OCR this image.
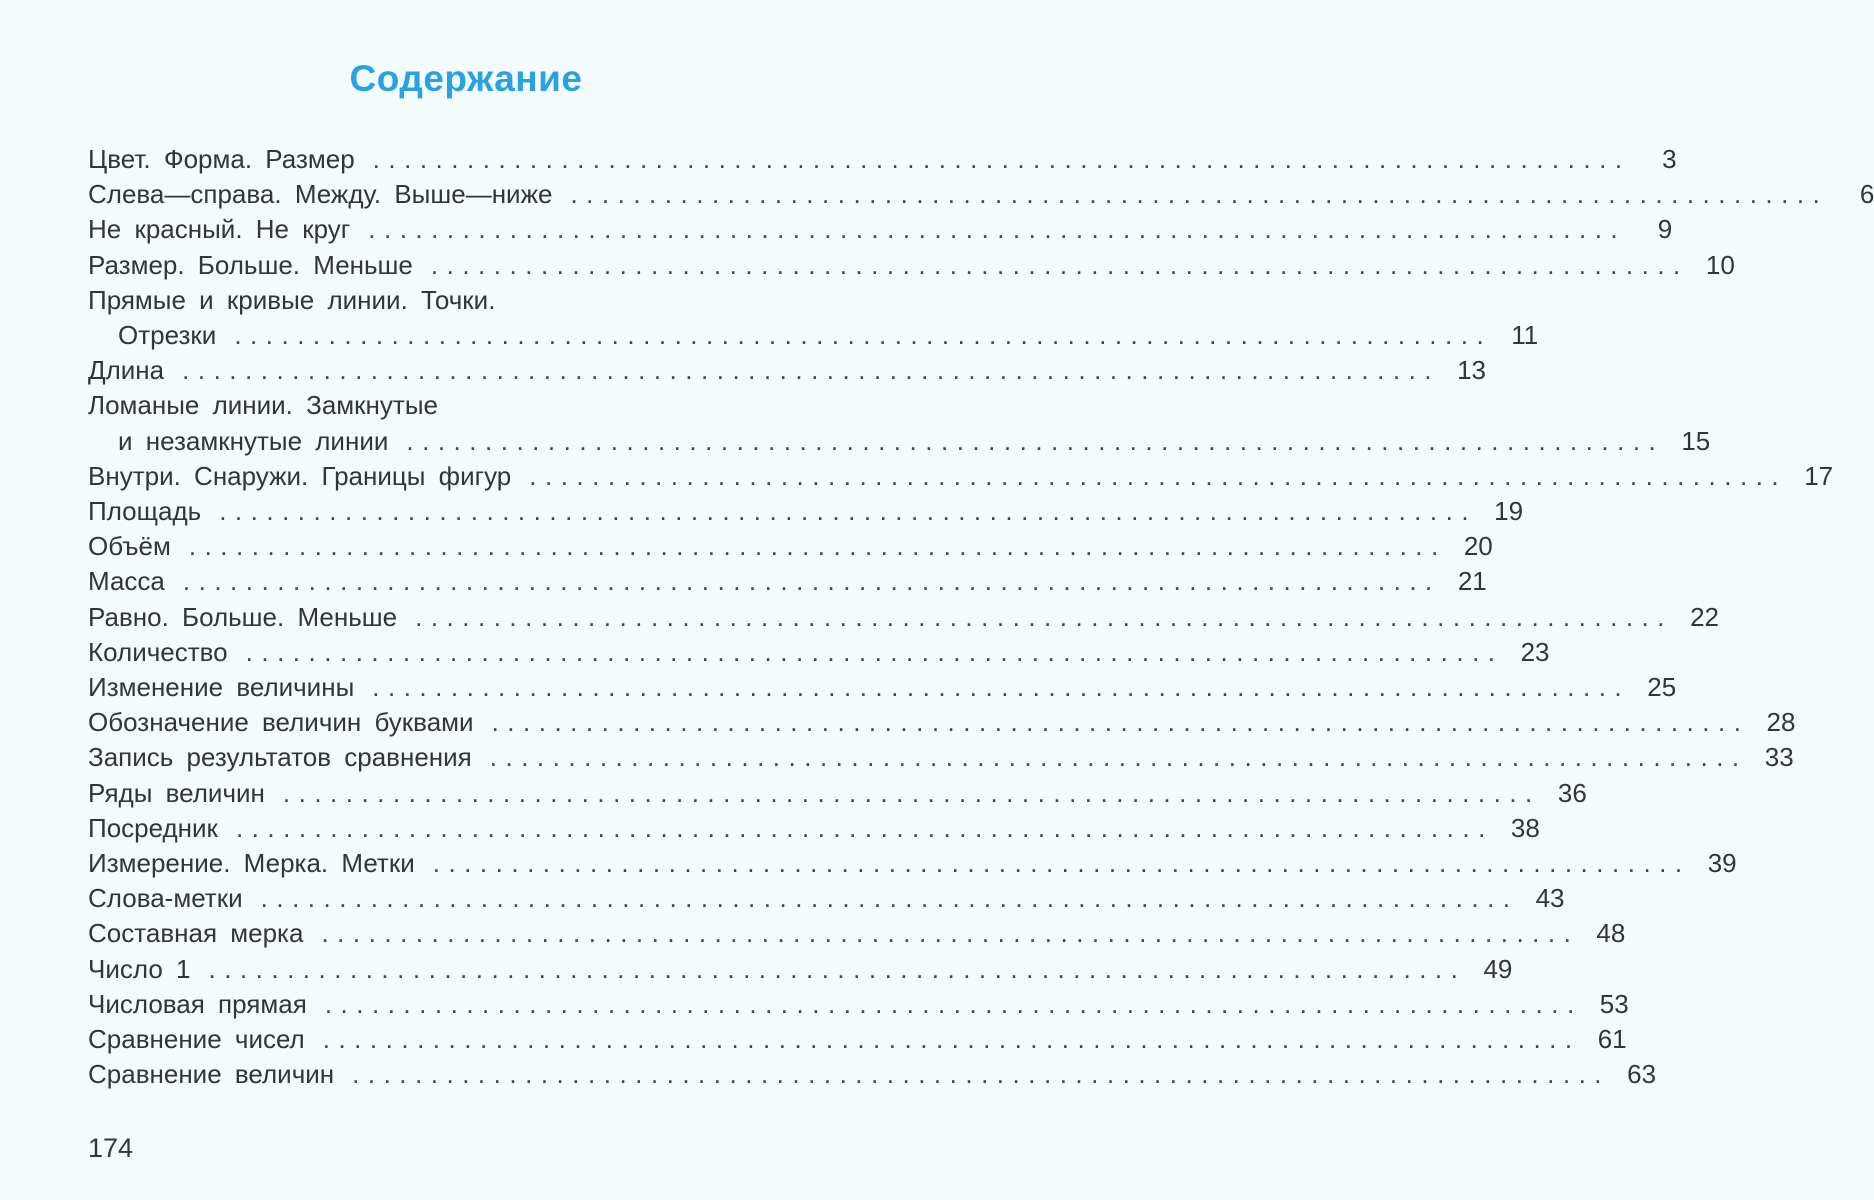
Содержание
Цвет. Форма. Размер ................................................................................	3
Слева—справа. Между. Выше—ниже ................................................................................	6
Не красный. Не круг ................................................................................	9
Размер. Больше. Меньше ................................................................................ 10
Прямые и кривые линии. Точки.
Отрезки ................................................................................ 11
Длина ................................................................................ 13
Ломаные линии. Замкнутые
и незамкнутые линии ................................................................................ 15
Внутри. Снаружи. Границы фигур ................................................................................ 17
Площадь ................................................................................ 19
Объём ................................................................................ 20
Масса ................................................................................ 21
Равно. Больше. Меньше ................................................................................ 22
Количество ................................................................................ 23
Изменение величины ................................................................................ 25
Обозначение величин буквами ................................................................................ 28
Запись результатов сравнения ................................................................................ 33
Ряды величин ................................................................................ 36
Посредник ................................................................................ 38
Измерение. Мерка. Метки ................................................................................ 39
Слова-метки ................................................................................ 43
Составная мерка ................................................................................ 48
Число 1 ................................................................................ 49
Числовая прямая ................................................................................ 53
Сравнение чисел ................................................................................ 61
Сравнение величин ................................................................................ 63
174
